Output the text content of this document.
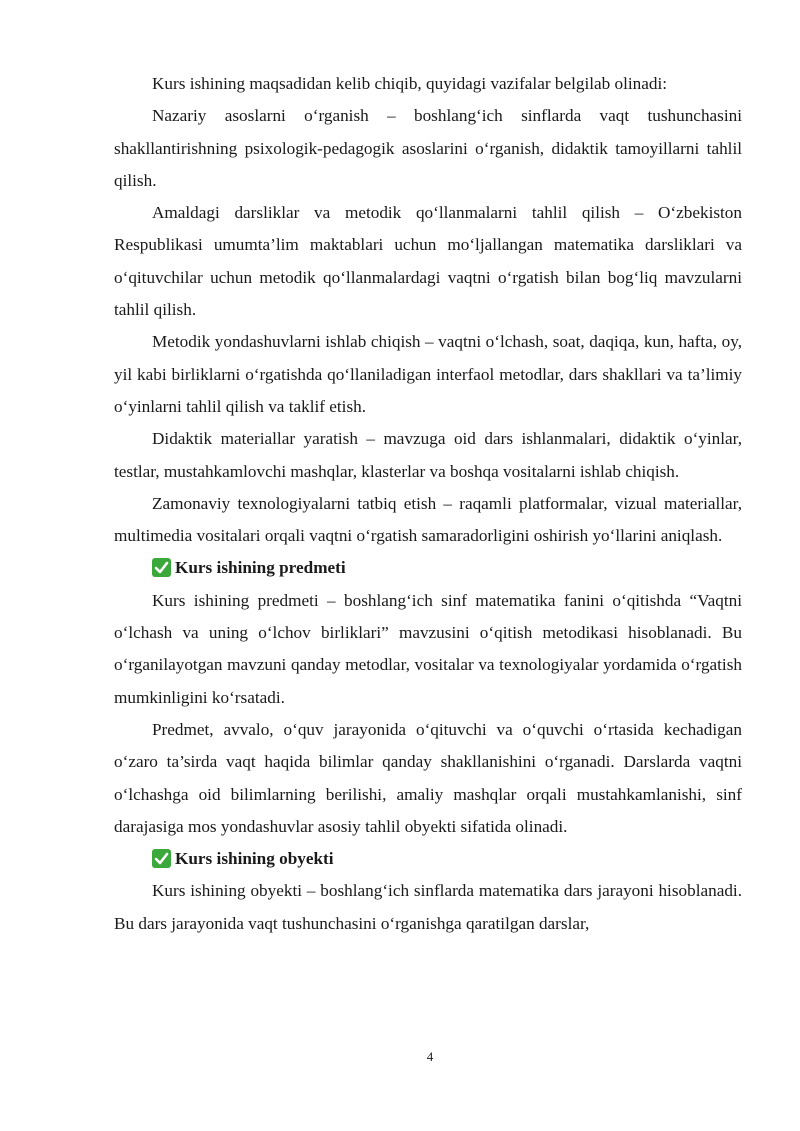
Kurs ishining maqsadidan kelib chiqib, quyidagi vazifalar belgilab olinadi:

Nazariy asoslarni o‘rganish – boshlang‘ich sinflarda vaqt tushunchasini shakllantirishning psixologik-pedagogik asoslarini o‘rganish, didaktik tamoyillarni tahlil qilish.

Amaldagi darsliklar va metodik qo‘llanmalarni tahlil qilish – O‘zbekiston Respublikasi umumta’lim maktablari uchun mo‘ljallangan matematika darsliklari va o‘qituvchilar uchun metodik qo‘llanmalardagi vaqtni o‘rgatish bilan bog‘liq mavzularni tahlil qilish.

Metodik yondashuvlarni ishlab chiqish – vaqtni o‘lchash, soat, daqiqa, kun, hafta, oy, yil kabi birliklarni o‘rgatishda qo‘llaniladigan interfaol metodlar, dars shakllari va ta’limiy o‘yinlarni tahlil qilish va taklif etish.

Didaktik materiallar yaratish – mavzuga oid dars ishlanmalari, didaktik o‘yinlar, testlar, mustahkamlovchi mashqlar, klasterlar va boshqa vositalarni ishlab chiqish.

Zamonaviy texnologiyalarni tatbiq etish – raqamli platformalar, vizual materiallar, multimedia vositalari orqali vaqtni o‘rgatish samaradorligini oshirish yo‘llarini aniqlash.

Kurs ishining predmeti

Kurs ishining predmeti – boshlang‘ich sinf matematika fanini o‘qitishda “Vaqtni o‘lchash va uning o‘lchov birliklari” mavzusini o‘qitish metodikasi hisoblanadi. Bu o‘rganilayotgan mavzuni qanday metodlar, vositalar va texnologiyalar yordamida o‘rgatish mumkinligini ko‘rsatadi.

Predmet, avvalo, o‘quv jarayonida o‘qituvchi va o‘quvchi o‘rtasida kechadigan o‘zaro ta’sirda vaqt haqida bilimlar qanday shakllanishini o‘rganadi. Darslarda vaqtni o‘lchashga oid bilimlarning berilishi, amaliy mashqlar orqali mustahkamlanishi, sinf darajasiga mos yondashuvlar asosiy tahlil obyekti sifatida olinadi.

Kurs ishining obyekti

Kurs ishining obyekti – boshlang‘ich sinflarda matematika dars jarayoni hisoblanadi. Bu dars jarayonida vaqt tushunchasini o‘rganishga qaratilgan darslar,

4
